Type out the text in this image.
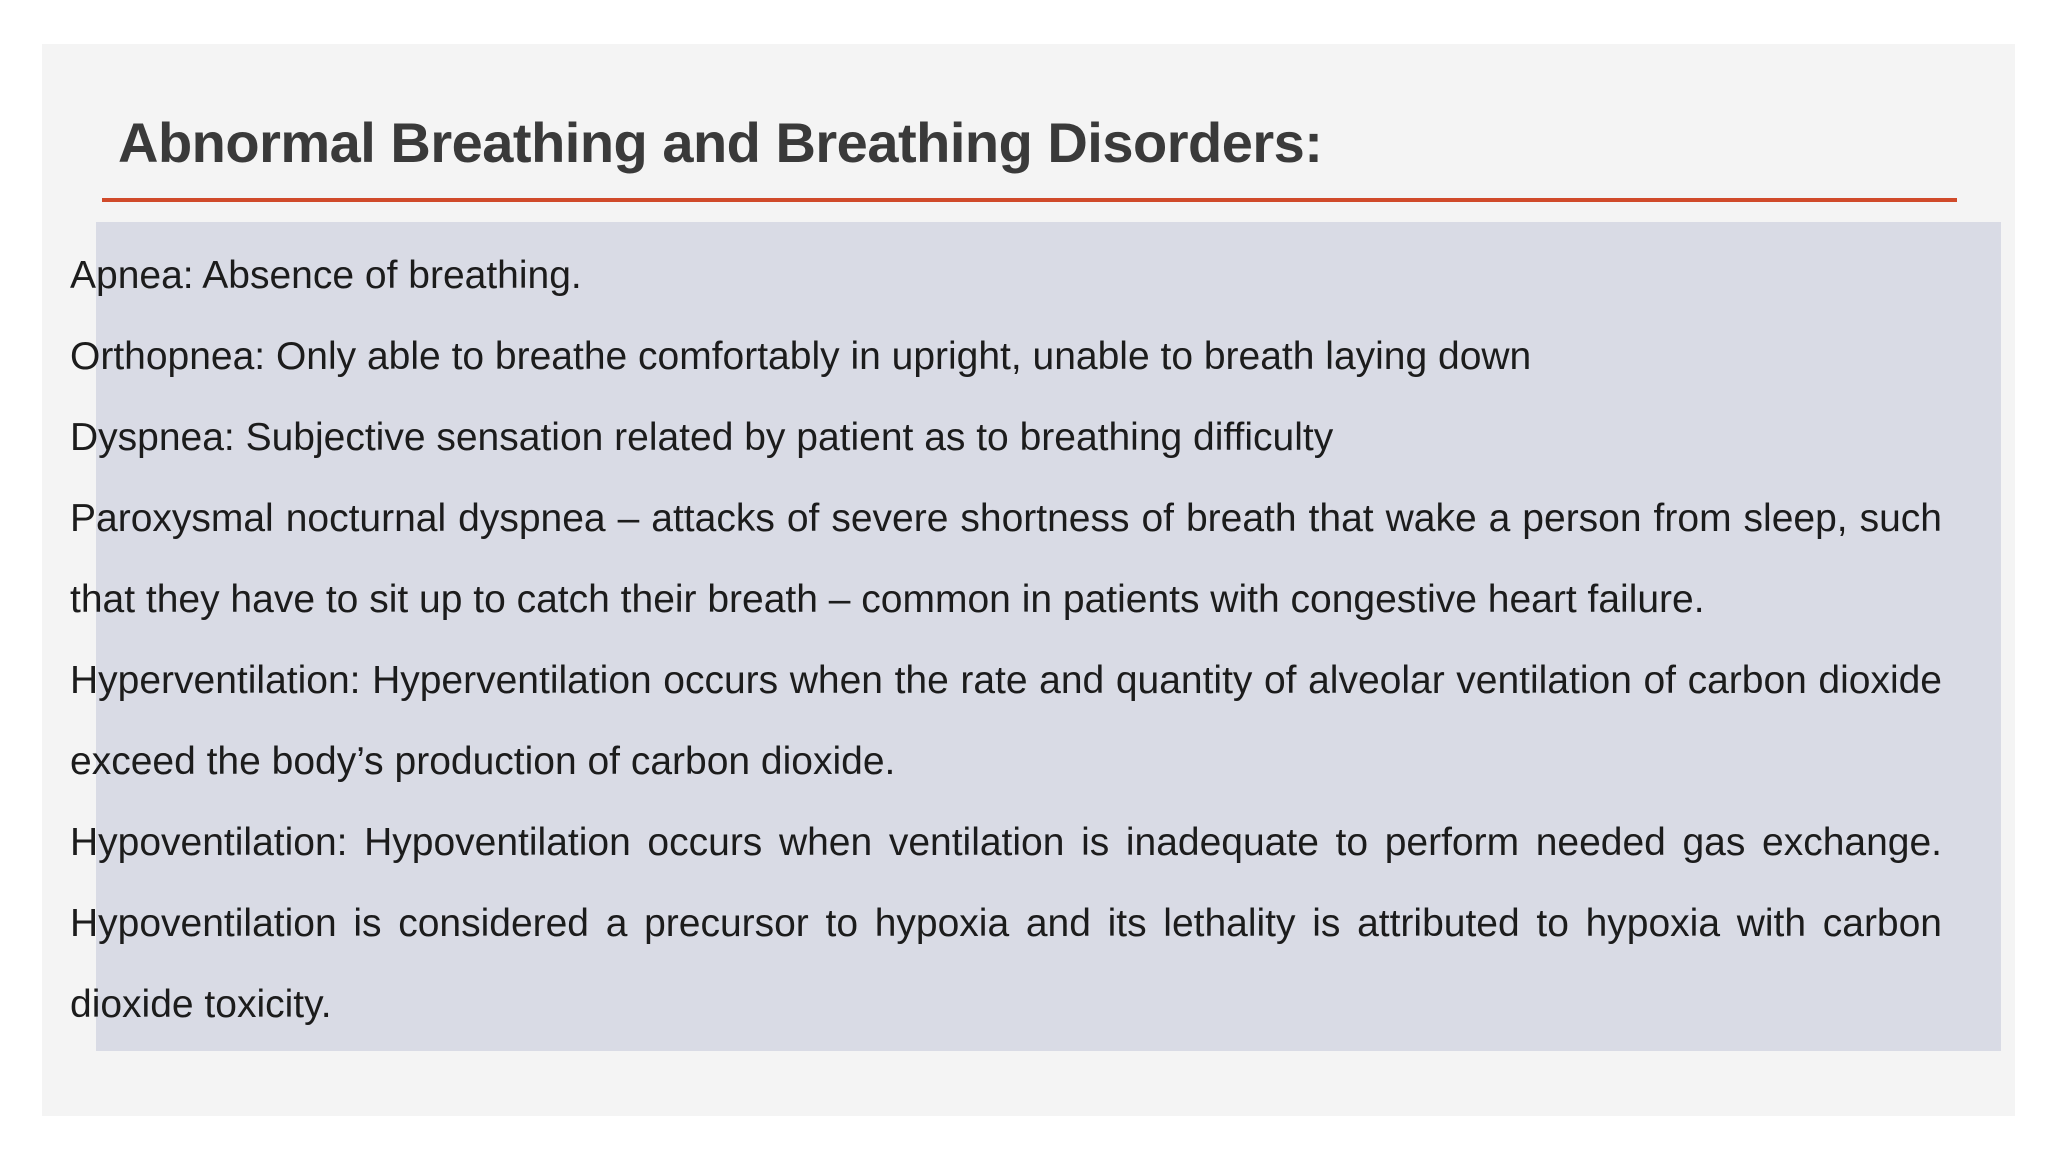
Abnormal Breathing and Breathing Disorders:

Apnea: Absence of breathing.

Orthopnea: Only able to breathe comfortably in upright, unable to breath laying down

Dyspnea: Subjective sensation related by patient as to breathing difficulty

Paroxysmal nocturnal dyspnea – attacks of severe shortness of breath that wake a person from sleep, such that they have to sit up to catch their breath – common in patients with congestive heart failure.

Hyperventilation: Hyperventilation occurs when the rate and quantity of alveolar ventilation of carbon dioxide exceed the body’s production of carbon dioxide.

Hypoventilation: Hypoventilation occurs when ventilation is inadequate to perform needed gas exchange. Hypoventilation is considered a precursor to hypoxia and its lethality is attributed to hypoxia with carbon dioxide toxicity.
